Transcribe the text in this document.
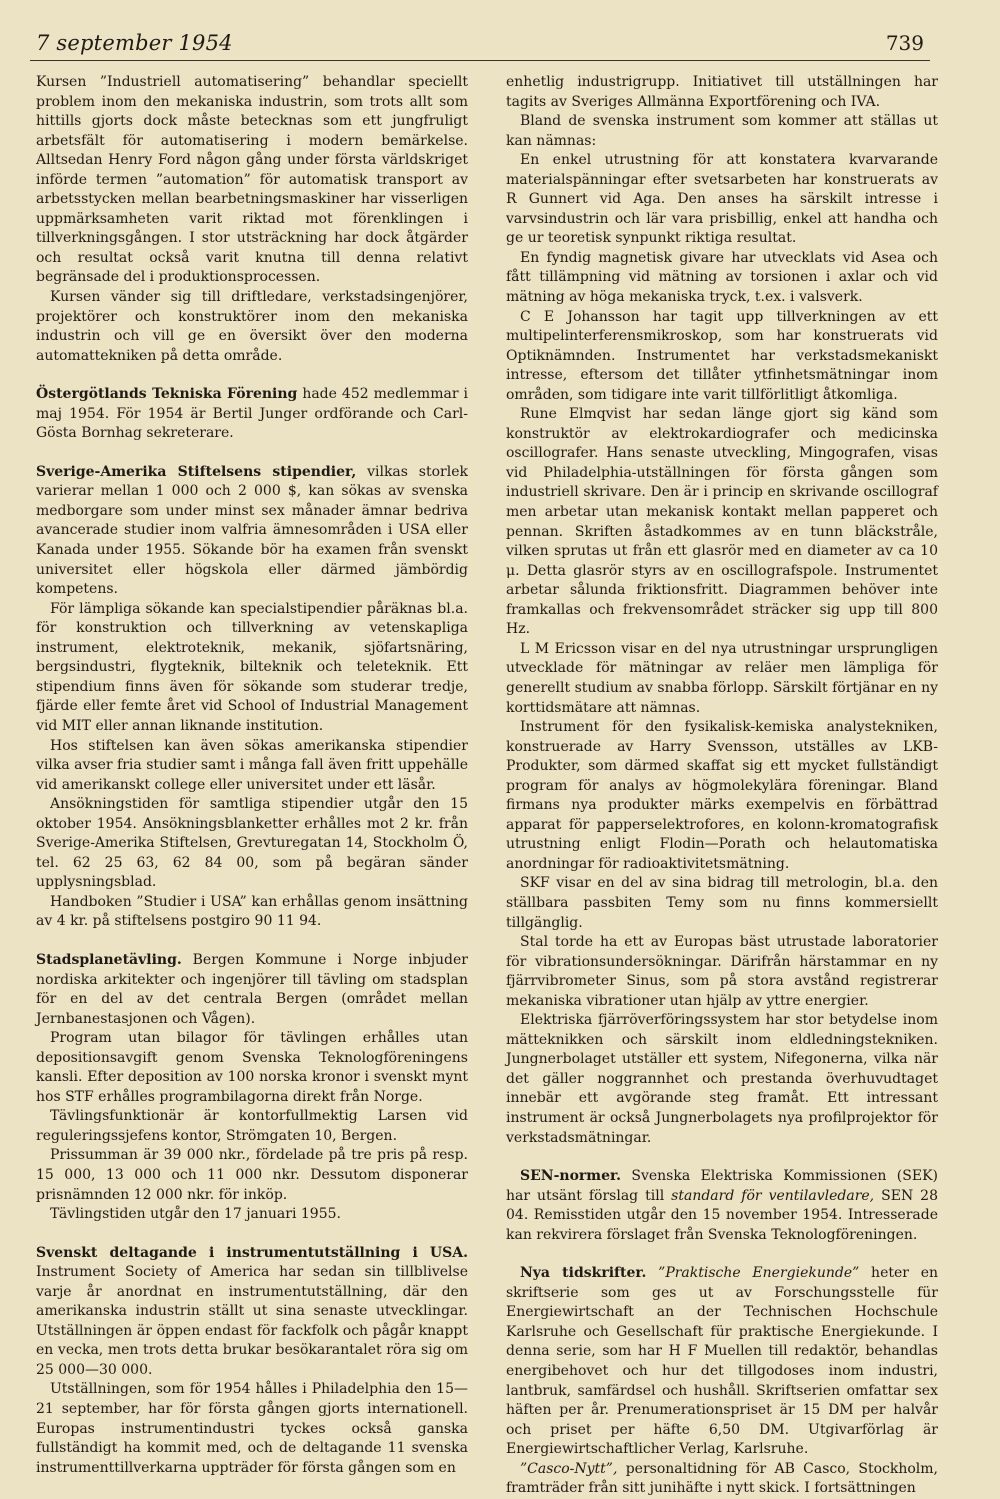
7 september 1954	739

Kursen ”Industriell automatisering” behandlar speciellt problem inom den mekaniska industrin, som trots allt som hittills gjorts dock måste betecknas som ett jungfruligt arbetsfält för automatisering i modern bemärkelse. Alltsedan Henry Ford någon gång under första världskriget införde termen ”automation” för automatisk transport av arbetsstycken mellan bearbetningsmaskiner har visserligen uppmärksamheten varit riktad mot förenklingen i tillverkningsgången. I stor utsträckning har dock åtgärder och resultat också varit knutna till denna relativt begränsade del i produktionsprocessen.

Kursen vänder sig till driftledare, verkstadsingenjörer, projektörer och konstruktörer inom den mekaniska industrin och vill ge en översikt över den moderna automattekniken på detta område.

Östergötlands Tekniska Förening hade 452 medlemmar i maj 1954. För 1954 är Bertil Junger ordförande och Carl-Gösta Bornhag sekreterare.

Sverige-Amerika Stiftelsens stipendier, vilkas storlek varierar mellan 1 000 och 2 000 $, kan sökas av svenska medborgare som under minst sex månader ämnar bedriva avancerade studier inom valfria ämnesområden i USA eller Kanada under 1955. Sökande bör ha examen från svenskt universitet eller högskola eller därmed jämbördig kompetens.

För lämpliga sökande kan specialstipendier påräknas bl.a. för konstruktion och tillverkning av vetenskapliga instrument, elektroteknik, mekanik, sjöfartsnäring, bergsindustri, flygteknik, bilteknik och teleteknik. Ett stipendium finns även för sökande som studerar tredje, fjärde eller femte året vid School of Industrial Management vid MIT eller annan liknande institution.

Hos stiftelsen kan även sökas amerikanska stipendier vilka avser fria studier samt i många fall även fritt uppehälle vid amerikanskt college eller universitet under ett läsår.

Ansökningstiden för samtliga stipendier utgår den 15 oktober 1954. Ansökningsblanketter erhålles mot 2 kr. från Sverige-Amerika Stiftelsen, Grevturegatan 14, Stockholm Ö, tel. 62 25 63, 62 84 00, som på begäran sänder upplysningsblad.

Handboken ”Studier i USA” kan erhållas genom insättning av 4 kr. på stiftelsens postgiro 90 11 94.

Stadsplanetävling. Bergen Kommune i Norge inbjuder nordiska arkitekter och ingenjörer till tävling om stadsplan för en del av det centrala Bergen (området mellan Jernbanestasjonen och Vågen).

Program utan bilagor för tävlingen erhålles utan depositionsavgift genom Svenska Teknologföreningens kansli. Efter deposition av 100 norska kronor i svenskt mynt hos STF erhålles programbilagorna direkt från Norge.

Tävlingsfunktionär är kontorfullmektig Larsen vid reguleringssjefens kontor, Strömgaten 10, Bergen.

Prissumman är 39 000 nkr., fördelade på tre pris på resp. 15 000, 13 000 och 11 000 nkr. Dessutom disponerar prisnämnden 12 000 nkr. för inköp.

Tävlingstiden utgår den 17 januari 1955.

Svenskt deltagande i instrumentutställning i USA. Instrument Society of America har sedan sin tillblivelse varje år anordnat en instrumentutställning, där den amerikanska industrin ställt ut sina senaste utvecklingar. Utställningen är öppen endast för fackfolk och pågår knappt en vecka, men trots detta brukar besökarantalet röra sig om 25 000—30 000.

Utställningen, som för 1954 hålles i Philadelphia den 15—21 september, har för första gången gjorts internationell. Europas instrumentindustri tyckes också ganska fullständigt ha kommit med, och de deltagande 11 svenska instrumenttillverkarna uppträder för första gången som en

enhetlig industrigrupp. Initiativet till utställningen har tagits av Sveriges Allmänna Exportförening och IVA.

Bland de svenska instrument som kommer att ställas ut kan nämnas:

En enkel utrustning för att konstatera kvarvarande materialspänningar efter svetsarbeten har konstruerats av R Gunnert vid Aga. Den anses ha särskilt intresse i varvsindustrin och lär vara prisbillig, enkel att handha och ge ur teoretisk synpunkt riktiga resultat.

En fyndig magnetisk givare har utvecklats vid Asea och fått tillämpning vid mätning av torsionen i axlar och vid mätning av höga mekaniska tryck, t.ex. i valsverk.

C E Johansson har tagit upp tillverkningen av ett multipelinterferensmikroskop, som har konstruerats vid Optiknämnden. Instrumentet har verkstadsmekaniskt intresse, eftersom det tillåter ytfinhetsmätningar inom områden, som tidigare inte varit tillförlitligt åtkomliga.

Rune Elmqvist har sedan länge gjort sig känd som konstruktör av elektrokardiografer och medicinska oscillografer. Hans senaste utveckling, Mingografen, visas vid Philadelphia-utställningen för första gången som industriell skrivare. Den är i princip en skrivande oscillograf men arbetar utan mekanisk kontakt mellan papperet och pennan. Skriften åstadkommes av en tunn bläckstråle, vilken sprutas ut från ett glasrör med en diameter av ca 10 μ. Detta glasrör styrs av en oscillografspole. Instrumentet arbetar sålunda friktionsfritt. Diagrammen behöver inte framkallas och frekvensområdet sträcker sig upp till 800 Hz.

L M Ericsson visar en del nya utrustningar ursprungligen utvecklade för mätningar av reläer men lämpliga för generellt studium av snabba förlopp. Särskilt förtjänar en ny korttidsmätare att nämnas.

Instrument för den fysikalisk-kemiska analystekniken, konstruerade av Harry Svensson, utställes av LKB-Produkter, som därmed skaffat sig ett mycket fullständigt program för analys av högmolekylära föreningar. Bland firmans nya produkter märks exempelvis en förbättrad apparat för papperselektrofores, en kolonn-kromatografisk utrustning enligt Flodin—Porath och helautomatiska anordningar för radioaktivitetsmätning.

SKF visar en del av sina bidrag till metrologin, bl.a. den ställbara passbiten Temy som nu finns kommersiellt tillgänglig.

Stal torde ha ett av Europas bäst utrustade laboratorier för vibrationsundersökningar. Därifrån härstammar en ny fjärrvibrometer Sinus, som på stora avstånd registrerar mekaniska vibrationer utan hjälp av yttre energier.

Elektriska fjärröverföringssystem har stor betydelse inom mätteknikken och särskilt inom eldledningstekniken. Jungnerbolaget utställer ett system, Nifegonerna, vilka när det gäller noggrannhet och prestanda överhuvudtaget innebär ett avgörande steg framåt. Ett intressant instrument är också Jungnerbolagets nya profilprojektor för verkstadsmätningar.

SEN-normer. Svenska Elektriska Kommissionen (SEK) har utsänt förslag till standard för ventilavledare, SEN 28 04. Remisstiden utgår den 15 november 1954. Intresserade kan rekvirera förslaget från Svenska Teknologföreningen.

Nya tidskrifter. ”Praktische Energiekunde” heter en skriftserie som ges ut av Forschungsstelle für Energiewirtschaft an der Technischen Hochschule Karlsruhe och Gesellschaft für praktische Energiekunde. I denna serie, som har H F Muellen till redaktör, behandlas energibehovet och hur det tillgodoses inom industri, lantbruk, samfärdsel och hushåll. Skriftserien omfattar sex häften per år. Prenumerationspriset är 15 DM per halvår och priset per häfte 6,50 DM. Utgivarförlag är Energiewirtschaftlicher Verlag, Karlsruhe.

”Casco-Nytt”, personaltidning för AB Casco, Stockholm, framträder från sitt junihäfte i nytt skick. I fortsättningen
